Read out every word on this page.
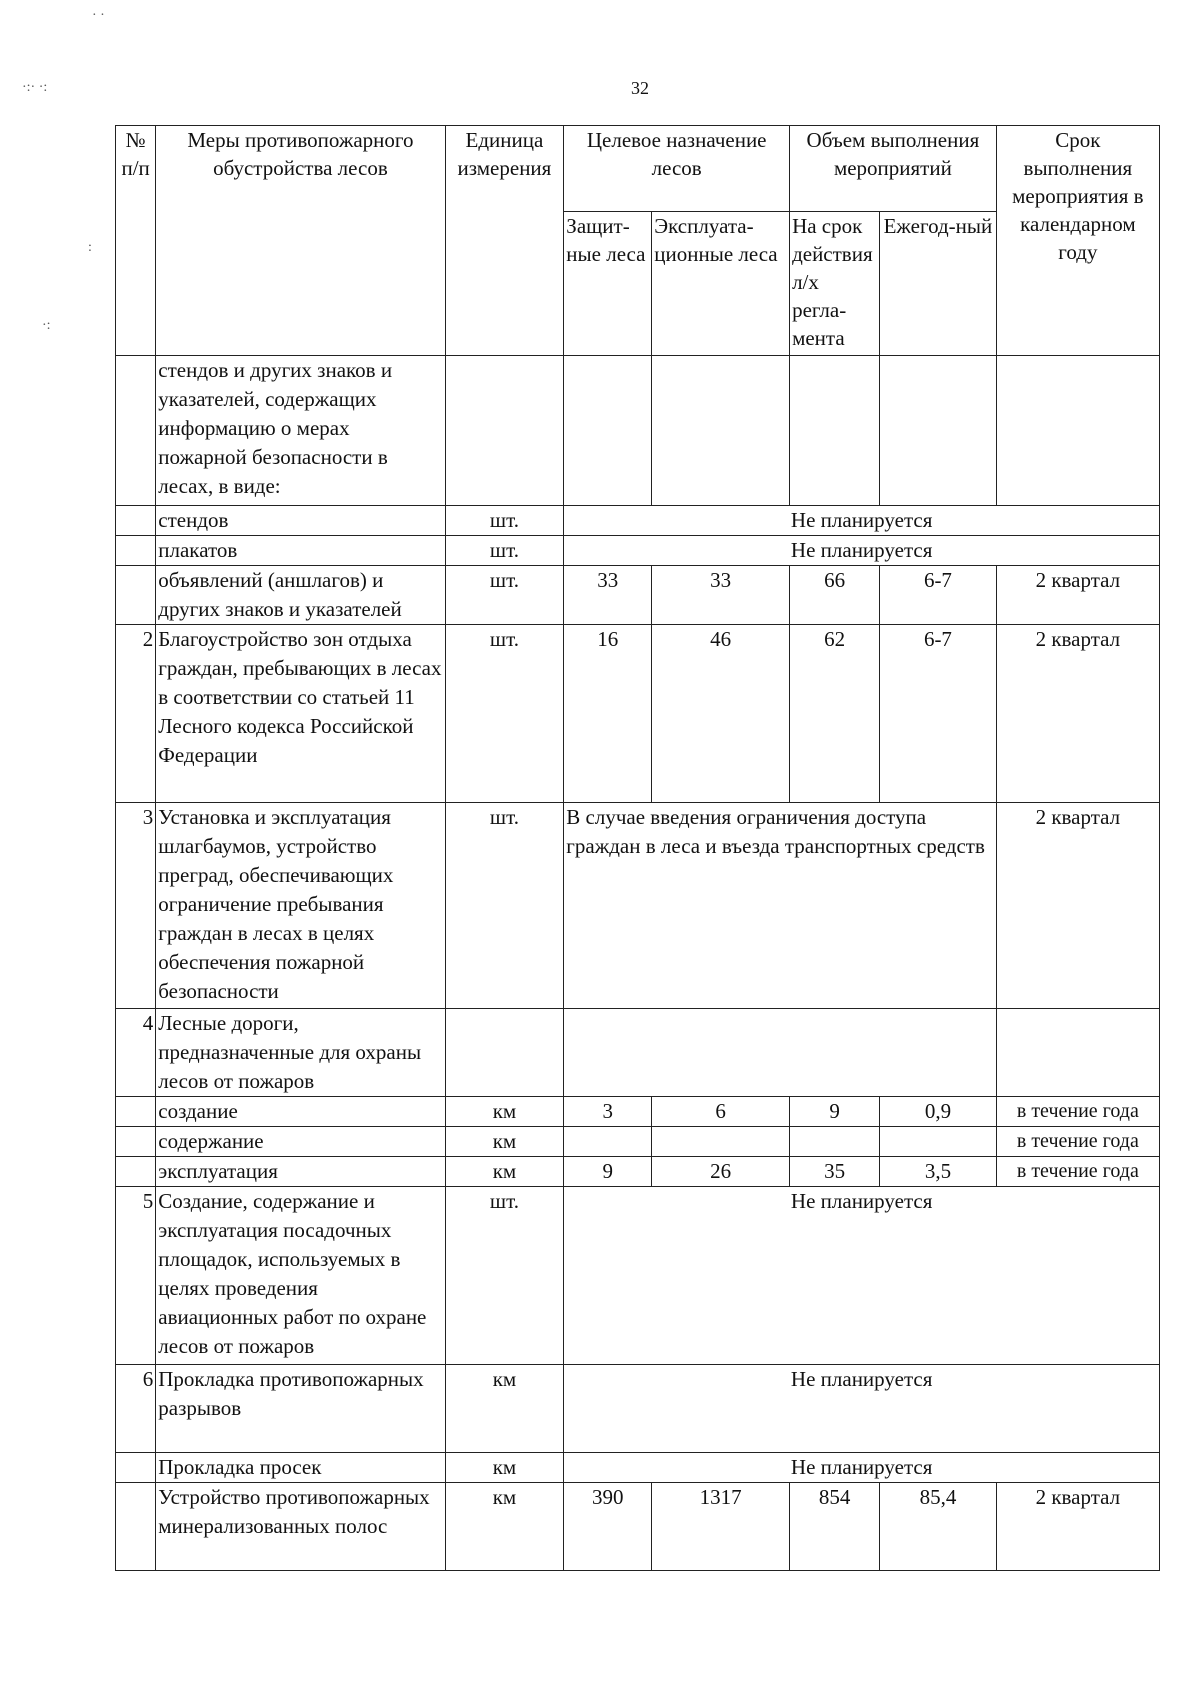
· ·
·:· ·:
:
·:
32
№ п/п	Меры противопожарного обустройства лесов	Единица измерения	Целевое назначение лесов		Объем выполнения мероприятий		Срок выполнения мероприятия в календарном году
			Защит-ные леса	Эксплуата-ционные леса	На срок действия л/х регла-мента	Ежегод-ный	
	стендов и других знаков и указателей, содержащих информацию о мерах пожарной безопасности в лесах, в виде:						
	стендов	шт.	Не планируется				
	плакатов	шт.	Не планируется				
	объявлений (аншлагов) и других знаков и указателей	шт.	33	33	66	6-7	2 квартал
2	Благоустройство зон отдыха граждан, пребывающих в лесах в соответствии со статьей 11 Лесного кодекса Российской Федерации	шт.	16	46	62	6-7	2 квартал
3	Установка и эксплуатация шлагбаумов, устройство преград, обеспечивающих ограничение пребывания граждан в лесах в целях обеспечения пожарной безопасности	шт.	В случае введения ограничения доступа граждан в леса и въезда транспортных средств				2 квартал
4	Лесные дороги, предназначенные для охраны лесов от пожаров						
	создание	км	3	6	9	0,9	в течение года
	содержание	км					в течение года
	эксплуатация	км	9	26	35	3,5	в течение года
5	Создание, содержание и эксплуатация посадочных площадок, используемых в целях проведения авиационных работ по охране лесов от пожаров	шт.	Не планируется				
6	Прокладка противопожарных разрывов	км	Не планируется				
	Прокладка просек	км	Не планируется				
	Устройство противопожарных минерализованных полос	км	390	1317	854	85,4	2 квартал
